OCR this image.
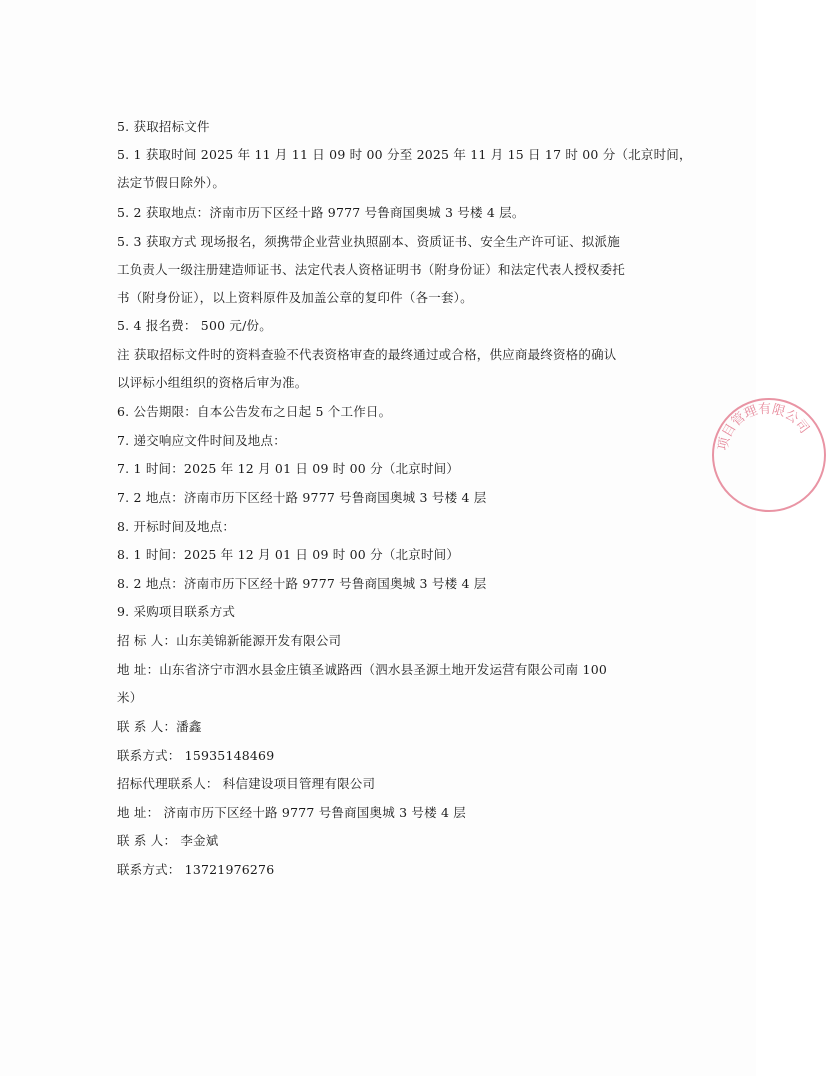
5. 获取招标文件
5. 1 获取时间 2025 年 11 月 11 日 09 时 00 分至 2025 年 11 月 15 日 17 时 00 分（北京时间，
法定节假日除外）。
5. 2 获取地点：济南市历下区经十路 9777 号鲁商国奥城 3 号楼 4 层。
5. 3 获取方式 现场报名，须携带企业营业执照副本、资质证书、安全生产许可证、拟派施
工负责人一级注册建造师证书、法定代表人资格证明书（附身份证）和法定代表人授权委托
书（附身份证），以上资料原件及加盖公章的复印件（各一套）。
5. 4 报名费： 500 元/份。
注 获取招标文件时的资料查验不代表资格审查的最终通过或合格，供应商最终资格的确认
以评标小组组织的资格后审为准。
6. 公告期限：自本公告发布之日起 5 个工作日。
7. 递交响应文件时间及地点：
7. 1 时间：2025 年 12 月 01 日 09 时 00 分（北京时间）
7. 2 地点：济南市历下区经十路 9777 号鲁商国奥城 3 号楼 4 层
8. 开标时间及地点：
8. 1 时间：2025 年 12 月 01 日 09 时 00 分（北京时间）
8. 2 地点：济南市历下区经十路 9777 号鲁商国奥城 3 号楼 4 层
9. 采购项目联系方式
招 标 人：山东美锦新能源开发有限公司
地 址：山东省济宁市泗水县金庄镇圣诚路西（泗水县圣源土地开发运营有限公司南 100
米）
联 系 人：潘鑫
联系方式： 15935148469
招标代理联系人： 科信建设项目管理有限公司
地 址： 济南市历下区经十路 9777 号鲁商国奥城 3 号楼 4 层
联 系 人： 李金斌
联系方式： 13721976276
项目管理有限公司
